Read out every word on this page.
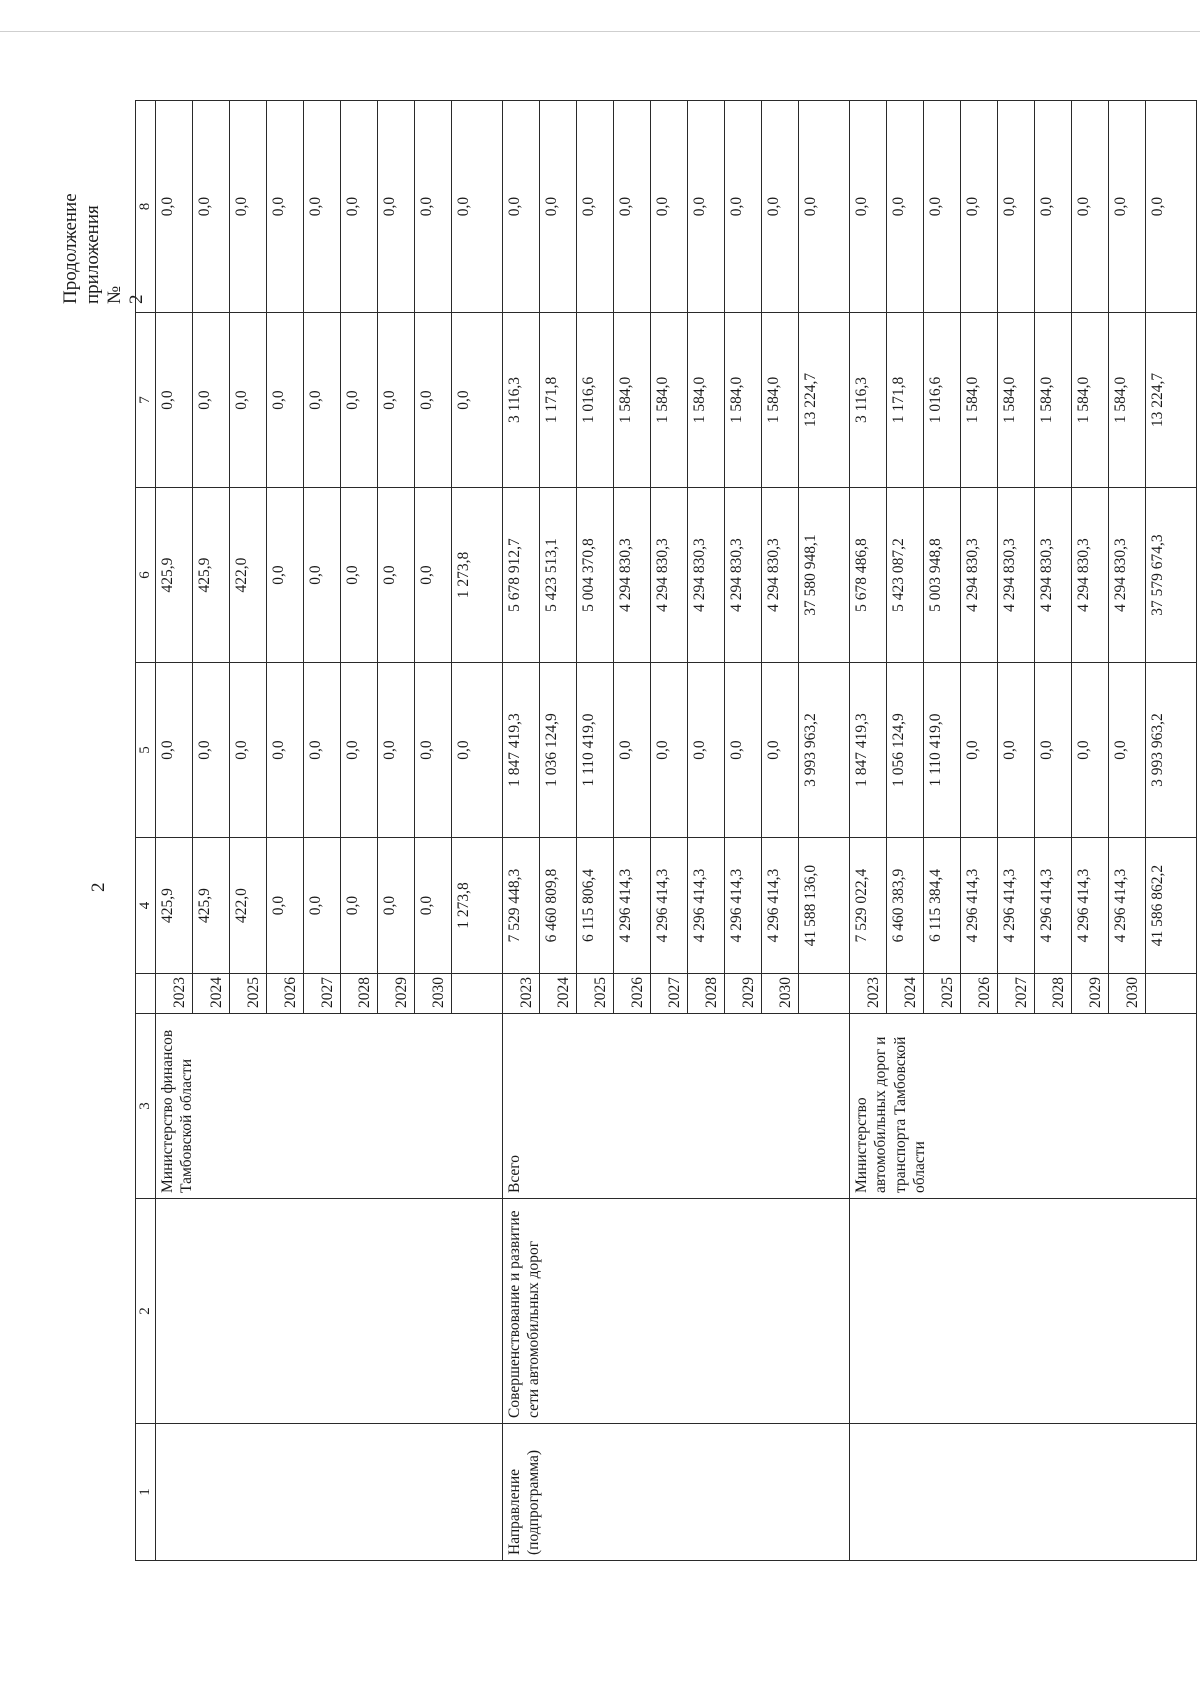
2
Продолжение приложения № 2
1	2	3		4	5	6	7	8
		Министерство финансов Тамбовской области	2023	425,9	0,0	425,9	0,0	0,0
			2024	425,9	0,0	425,9	0,0	0,0
			2025	422,0	0,0	422,0	0,0	0,0
			2026	0,0	0,0	0,0	0,0	0,0
			2027	0,0	0,0	0,0	0,0	0,0
			2028	0,0	0,0	0,0	0,0	0,0
			2029	0,0	0,0	0,0	0,0	0,0
			2030	0,0	0,0	0,0	0,0	0,0
				1 273,8	0,0	1 273,8	0,0	0,0
Направление (подпрограмма)	Совершенствование и развитие сети автомобильных дорог	Всего	2023	7 529 448,3	1 847 419,3	5 678 912,7	3 116,3	0,0
			2024	6 460 809,8	1 036 124,9	5 423 513,1	1 171,8	0,0
			2025	6 115 806,4	1 110 419,0	5 004 370,8	1 016,6	0,0
			2026	4 296 414,3	0,0	4 294 830,3	1 584,0	0,0
			2027	4 296 414,3	0,0	4 294 830,3	1 584,0	0,0
			2028	4 296 414,3	0,0	4 294 830,3	1 584,0	0,0
			2029	4 296 414,3	0,0	4 294 830,3	1 584,0	0,0
			2030	4 296 414,3	0,0	4 294 830,3	1 584,0	0,0
				41 588 136,0	3 993 963,2	37 580 948,1	13 224,7	0,0
		Министерство автомобильных дорог и транспорта Тамбовской области	2023	7 529 022,4	1 847 419,3	5 678 486,8	3 116,3	0,0
			2024	6 460 383,9	1 056 124,9	5 423 087,2	1 171,8	0,0
			2025	6 115 384,4	1 110 419,0	5 003 948,8	1 016,6	0,0
			2026	4 296 414,3	0,0	4 294 830,3	1 584,0	0,0
			2027	4 296 414,3	0,0	4 294 830,3	1 584,0	0,0
			2028	4 296 414,3	0,0	4 294 830,3	1 584,0	0,0
			2029	4 296 414,3	0,0	4 294 830,3	1 584,0	0,0
			2030	4 296 414,3	0,0	4 294 830,3	1 584,0	0,0
				41 586 862,2	3 993 963,2	37 579 674,3	13 224,7	0,0
